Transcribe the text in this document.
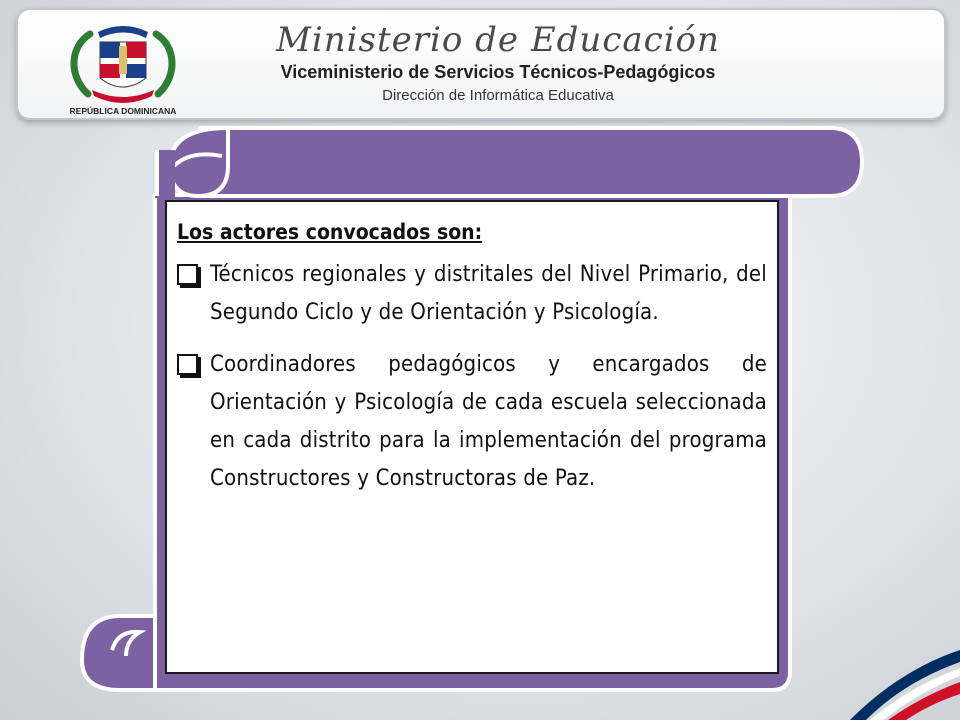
REPÚBLICA DOMINICANA
Ministerio de Educación
Viceministerio de Servicios Técnicos-Pedagógicos
Dirección de Informática Educativa

Los actores convocados son:

Técnicos regionales y distritales del Nivel Primario, del Segundo Ciclo y de Orientación y Psicología.
Coordinadores pedagógicos y encargados de Orientación y Psicología de cada escuela seleccionada en cada distrito para la implementación del programa Constructores y Constructoras de Paz.
